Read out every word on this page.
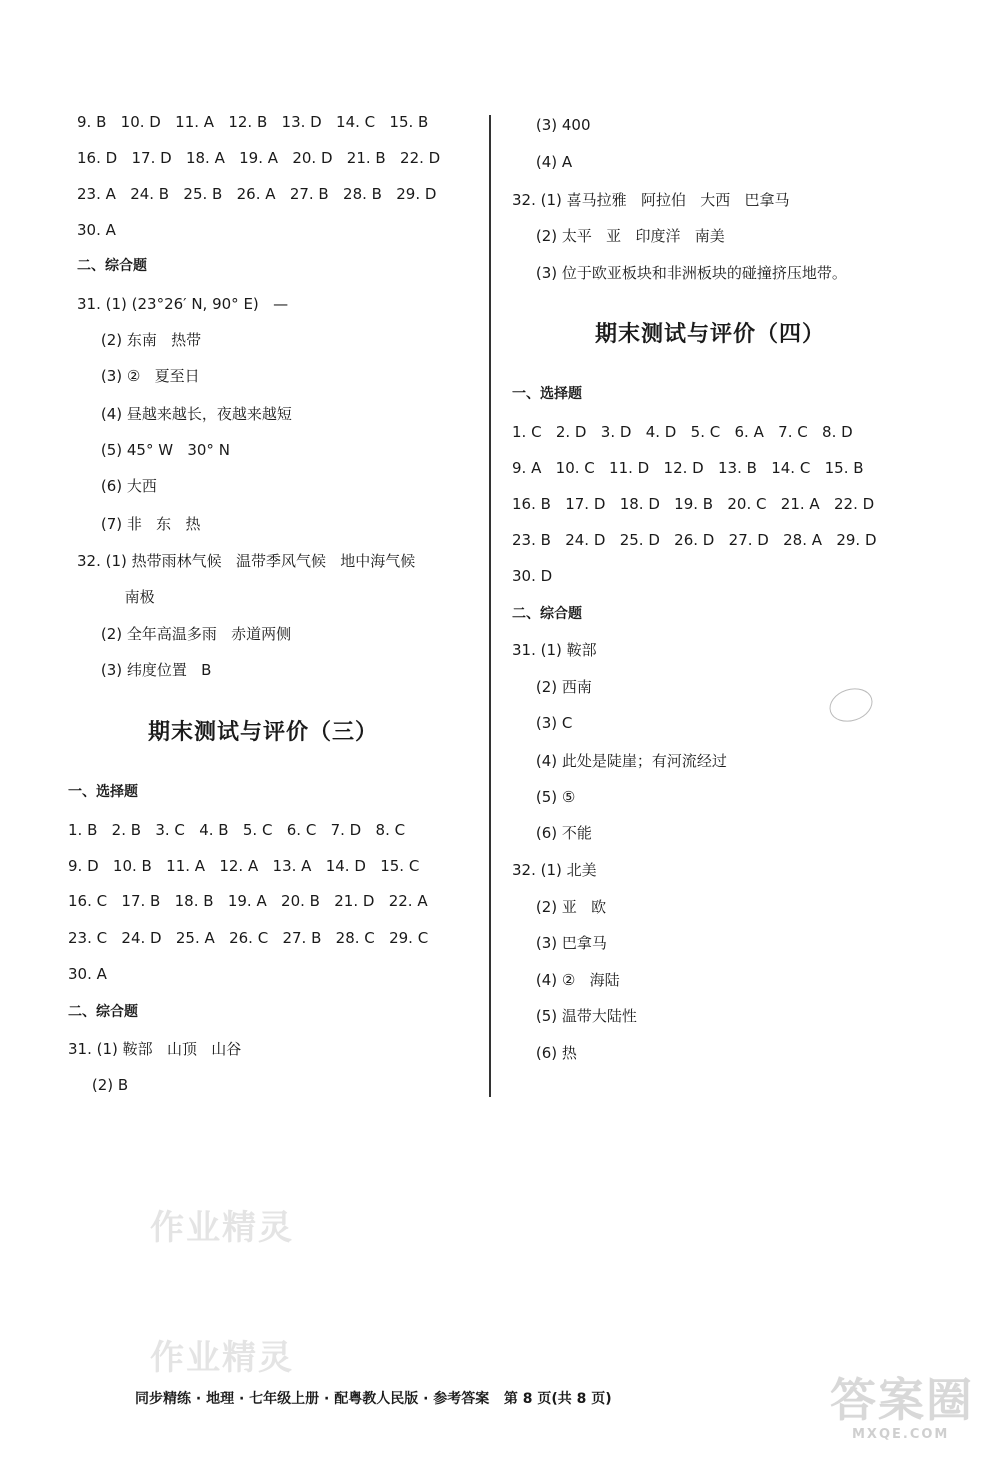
9. B   10. D   11. A   12. B   13. D   14. C   15. B
16. D   17. D   18. A   19. A   20. D   21. B   22. D
23. A   24. B   25. B   26. A   27. B   28. B   29. D
30. A
二、综合题
31. (1) (23°26′ N, 90° E)   —
(2) 东南   热带
(3) ②   夏至日
(4) 昼越来越长，夜越来越短
(5) 45° W   30° N
(6) 大西
(7) 非   东   热
32. (1) 热带雨林气候   温带季风气候   地中海气候
南极
(2) 全年高温多雨   赤道两侧
(3) 纬度位置   B
期末测试与评价（三）
一、选择题
1. B   2. B   3. C   4. B   5. C   6. C   7. D   8. C
9. D   10. B   11. A   12. A   13. A   14. D   15. C
16. C   17. B   18. B   19. A   20. B   21. D   22. A
23. C   24. D   25. A   26. C   27. B   28. C   29. C
30. A
二、综合题
31. (1) 鞍部   山顶   山谷
(2) B
(3) 400
(4) A
32. (1) 喜马拉雅   阿拉伯   大西   巴拿马
(2) 太平   亚   印度洋   南美
(3) 位于欧亚板块和非洲板块的碰撞挤压地带。
期末测试与评价（四）
一、选择题
1. C   2. D   3. D   4. D   5. C   6. A   7. C   8. D
9. A   10. C   11. D   12. D   13. B   14. C   15. B
16. B   17. D   18. D   19. B   20. C   21. A   22. D
23. B   24. D   25. D   26. D   27. D   28. A   29. D
30. D
二、综合题
31. (1) 鞍部
(2) 西南
(3) C
(4) 此处是陡崖；有河流经过
(5) ⑤
(6) 不能
32. (1) 北美
(2) 亚   欧
(3) 巴拿马
(4) ②   海陆
(5) 温带大陆性
(6) 热
作业精灵
作业精灵
同步精练 · 地理 · 七年级上册 · 配粤教人民版 · 参考答案   第 8 页(共 8 页)	答案圈
MXQE.COM
